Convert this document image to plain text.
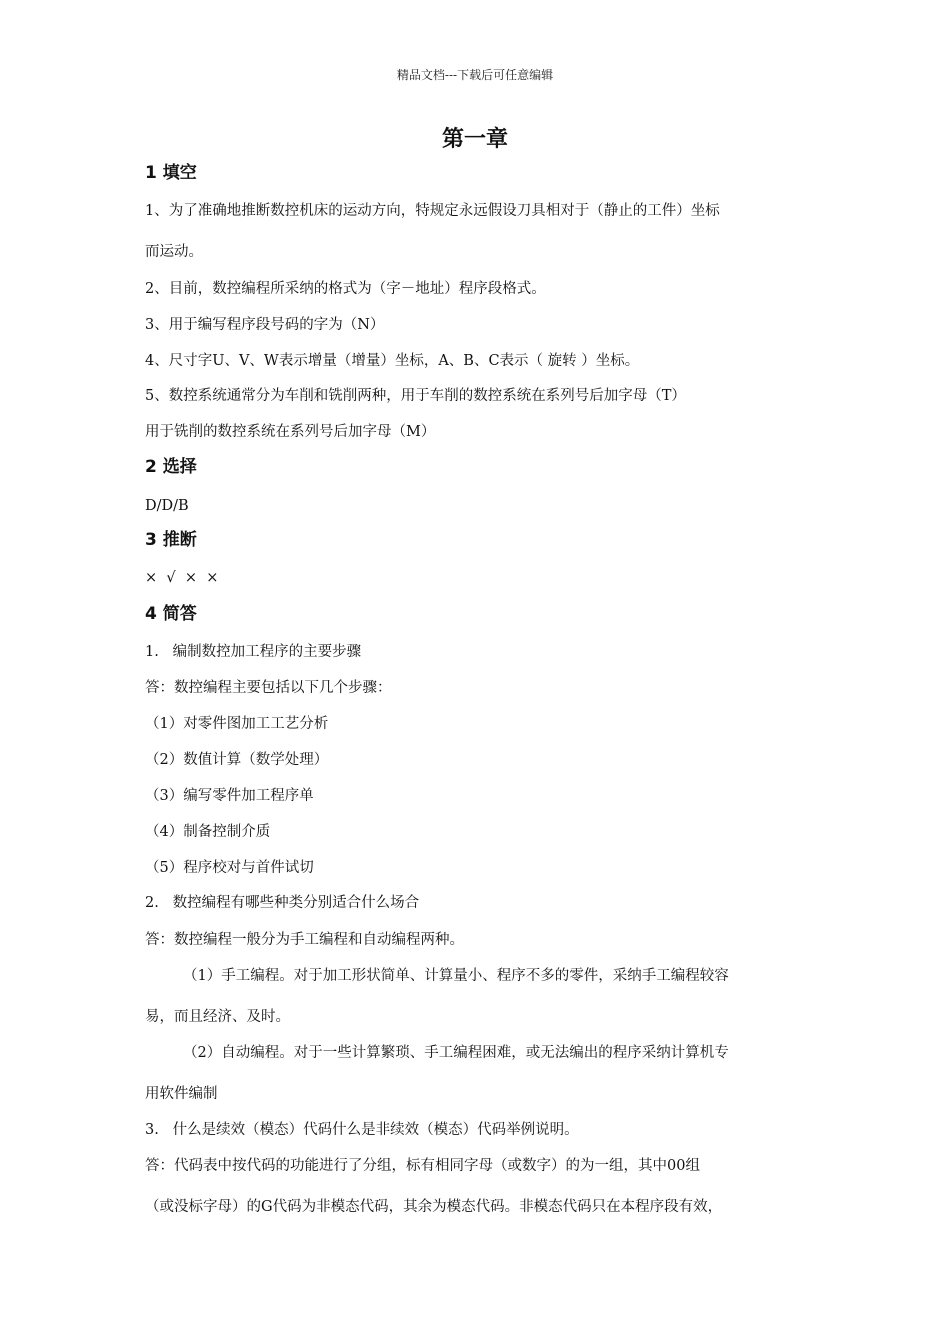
精品文档---下载后可任意编辑
第一章
1 填空
1、为了准确地推断数控机床的运动方向，特规定永远假设刀具相对于（静止的工件）坐标
而运动。
2、目前，数控编程所采纳的格式为（字－地址）程序段格式。
3、用于编写程序段号码的字为（N）
4、尺寸字U、V、W表示增量（增量）坐标，A、B、C表示（ 旋转 ）坐标。
5、数控系统通常分为车削和铣削两种，用于车削的数控系统在系列号后加字母（T）
用于铣削的数控系统在系列号后加字母（M）
2 选择
D/D/B
3 推断
×  √  ×  ×
4 简答
1.   编制数控加工程序的主要步骤
答：数控编程主要包括以下几个步骤：
（1）对零件图加工工艺分析
（2）数值计算（数学处理）
（3）编写零件加工程序单
（4）制备控制介质
（5）程序校对与首件试切
2.   数控编程有哪些种类分别适合什么场合
答：数控编程一般分为手工编程和自动编程两种。
（1）手工编程。对于加工形状简单、计算量小、程序不多的零件，采纳手工编程较容
易，而且经济、及时。
（2）自动编程。对于一些计算繁琐、手工编程困难，或无法编出的程序采纳计算机专
用软件编制
3.   什么是续效（模态）代码什么是非续效（模态）代码举例说明。
答：代码表中按代码的功能进行了分组，标有相同字母（或数字）的为一组，其中00组
（或没标字母）的G代码为非模态代码，其余为模态代码。非模态代码只在本程序段有效，
